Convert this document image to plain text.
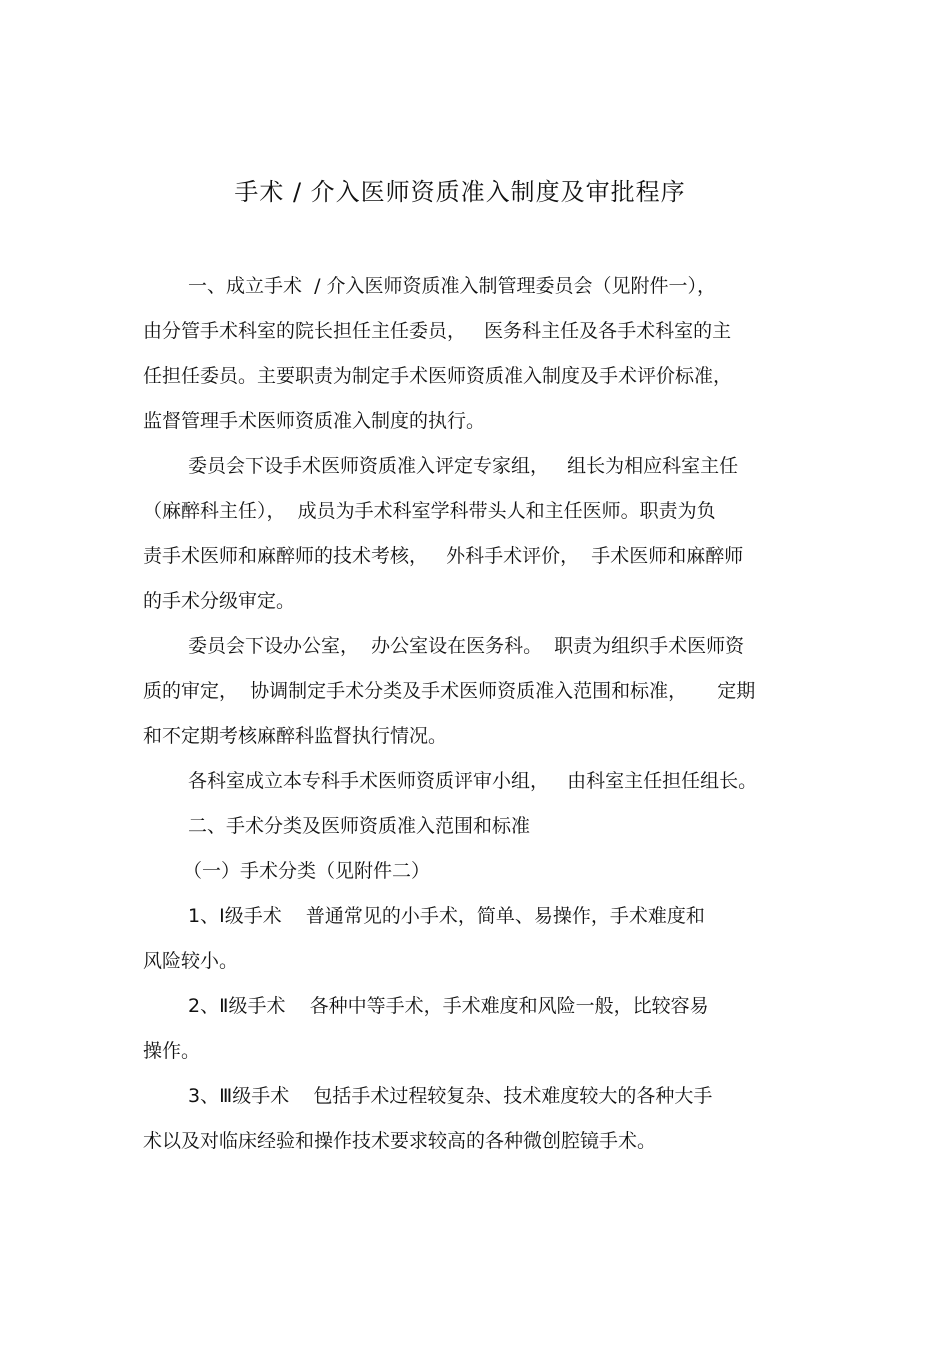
手术 / 介入医师资质准入制度及审批程序
一、成立手术  / 介入医师资质准入制管理委员会（见附件一），
由分管手术科室的院长担任主任委员，   医务科主任及各手术科室的主
任担任委员。主要职责为制定手术医师资质准入制度及手术评价标准，
监督管理手术医师资质准入制度的执行。
委员会下设手术医师资质准入评定专家组，   组长为相应科室主任
（麻醉科主任），  成员为手术科室学科带头人和主任医师。职责为负
责手术医师和麻醉师的技术考核，   外科手术评价，  手术医师和麻醉师
的手术分级审定。
委员会下设办公室，  办公室设在医务科。  职责为组织手术医师资
质的审定，  协调制定手术分类及手术医师资质准入范围和标准，     定期
和不定期考核麻醉科监督执行情况。
各科室成立本专科手术医师资质评审小组，   由科室主任担任组长。
二、手术分类及医师资质准入范围和标准
（一）手术分类（见附件二）
1、Ⅰ级手术    普通常见的小手术，简单、易操作，手术难度和
风险较小。
2、Ⅱ级手术    各种中等手术，手术难度和风险一般，比较容易
操作。
3、Ⅲ级手术    包括手术过程较复杂、技术难度较大的各种大手
术以及对临床经验和操作技术要求较高的各种微创腔镜手术。
